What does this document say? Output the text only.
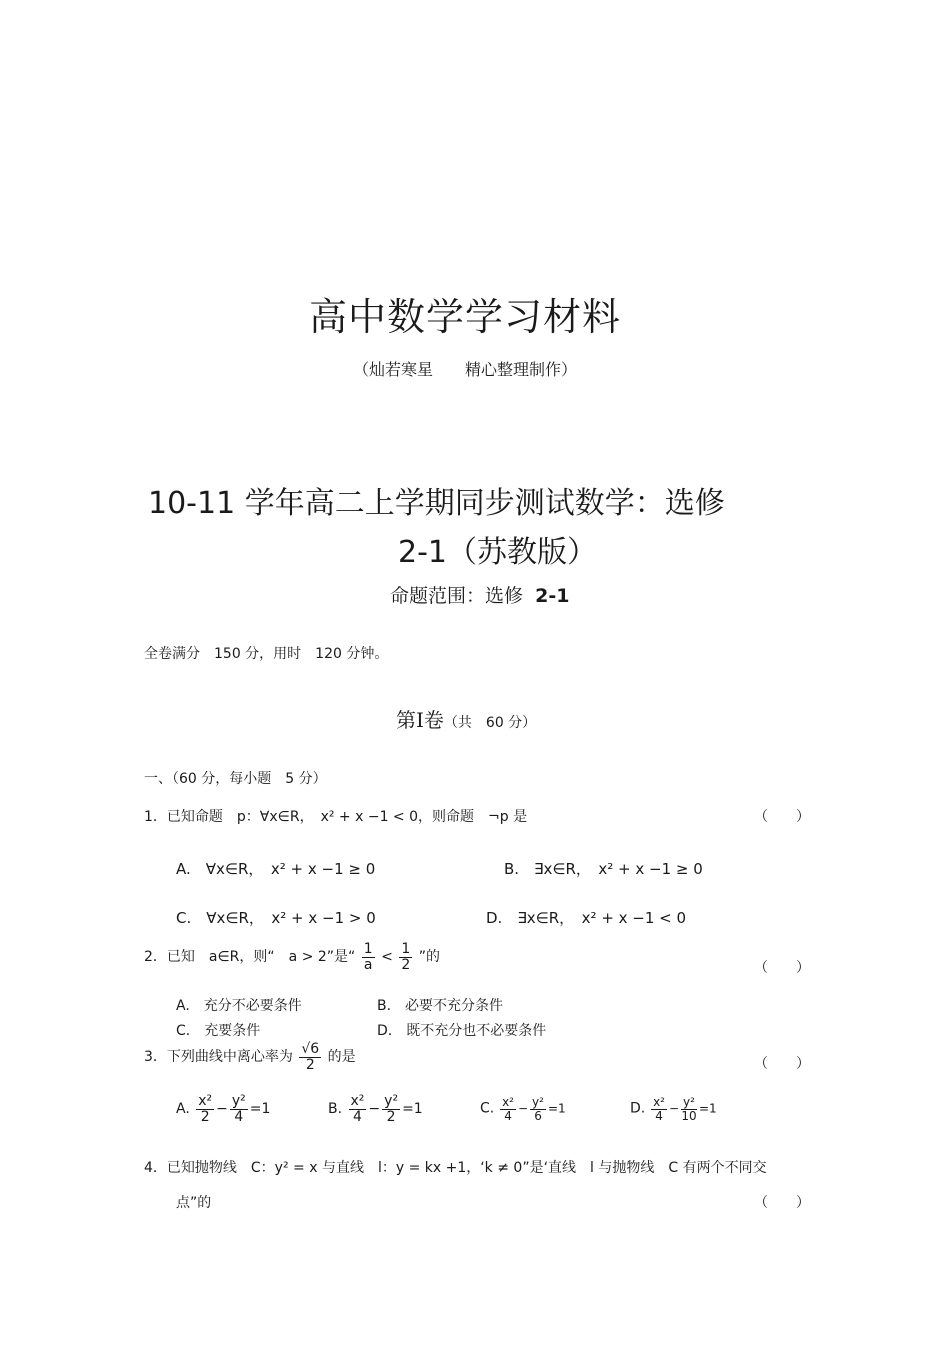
高中数学学习材料
（灿若寒星　　精心整理制作）
10-11 学年高二上学期同步测试数学：选修
2-1（苏教版）
命题范围：选修 2-1
全卷满分　150 分，用时　120 分钟。
第Ⅰ卷（共　60 分）
一、（60 分，每小题　5 分）
1．已知命题　p：∀x∈R，　x² + x −1 < 0，则命题　¬p 是	（　　）
A.　∀x∈R，　x² + x −1 ≥ 0	B.　∃x∈R，　x² + x −1 ≥ 0
C.　∀x∈R，　x² + x −1 > 0	D.　∃x∈R，　x² + x −1 < 0
2．已知　a∈R，则“　a > 2”是“ $\frac{1}{a} < \frac{1}{2}$ ”的
（　　）
A.　充分不必要条件	B.　必要不充分条件
C.　充要条件	D.　既不充分也不必要条件
3．下列曲线中离心率为 $\frac{√6}{2}$ 的是	（　　）
A. $\frac{\text{x²}}{2} - \frac{\text{y²}}{4} =1$	B. $\frac{\text{x²}}{4} - \frac{\text{y²}}{2} =1$	C. $\frac{\text{x²}}{4} - \frac{\text{y²}}{6} =1$	D. $\frac{\text{x²}}{4} - \frac{\text{y²}}{10} =1$
4．已知抛物线　C：y² = x 与直线　l：y = kx +1，‘k ≠ 0”是‘直线　l 与抛物线　C 有两个不同交
点”的	（　　）
